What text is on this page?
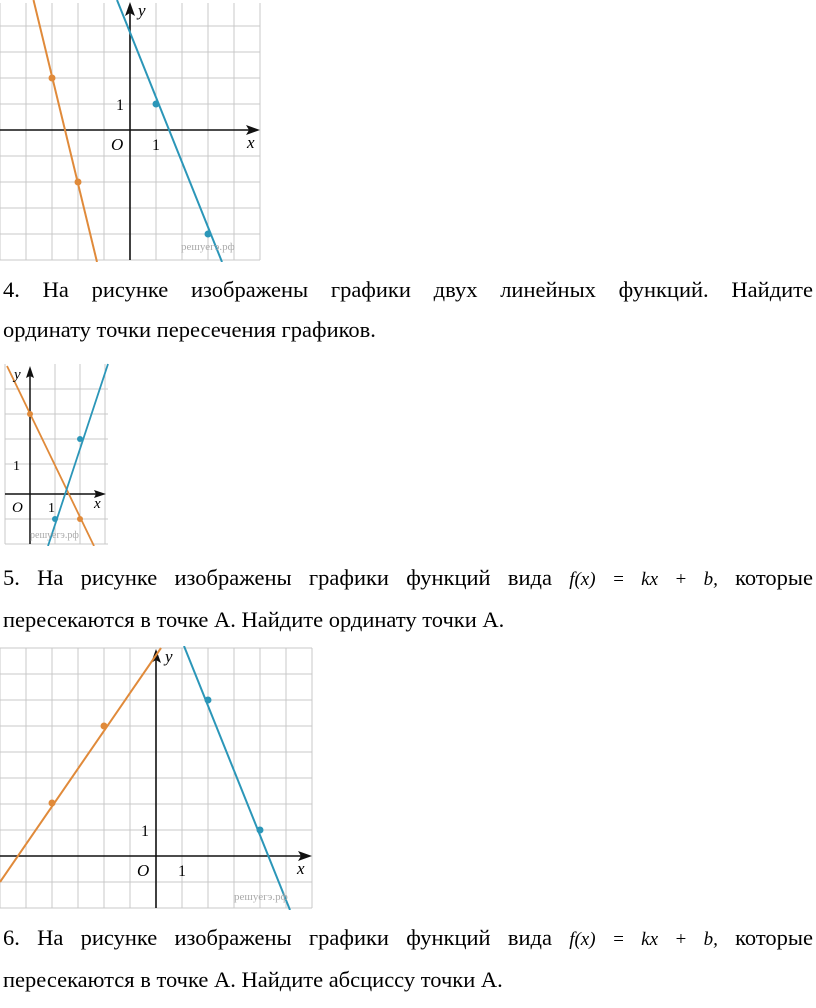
y
x
O 1
1
решуегэ.рф
4. На рисунке изображены графики двух линейных функций. Найдите
ординату точки пересечения графиков.
y
x
O 1
1
решуегэ.рф
5. На рисунке изображены графики функций вида f(x) = kx + b, которые
пересекаются в точке A. Найдите ординату точки A.
y
x
O 1
1
решуегэ.рф
6. На рисунке изображены графики функций вида f(x) = kx + b, которые
пересекаются в точке A. Найдите абсциссу точки A.
